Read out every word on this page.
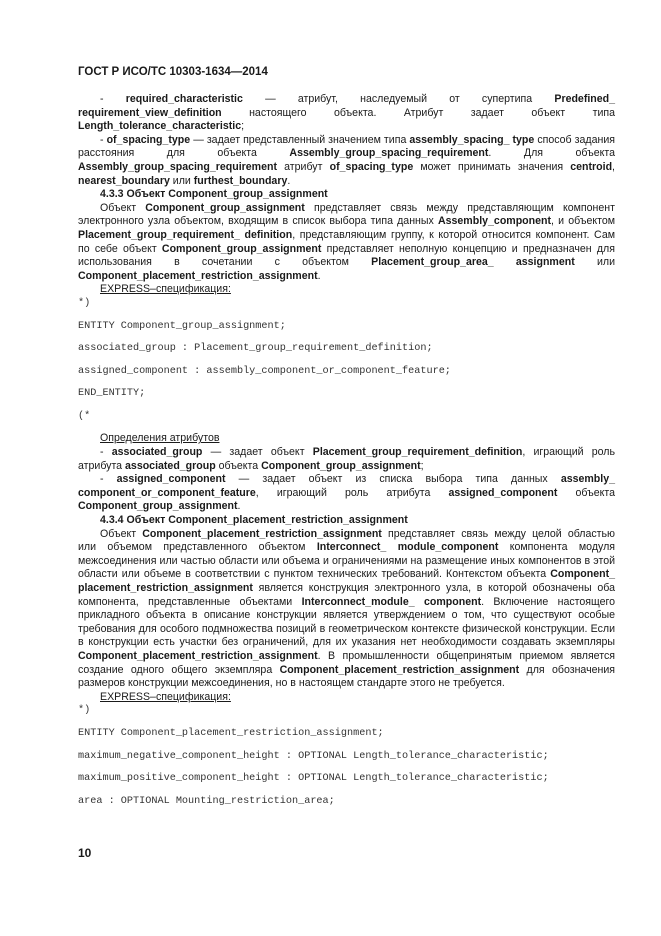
ГОСТ Р ИСО/ТС 10303-1634—2014

- required_characteristic — атрибут, наследуемый от супертипа Predefined_ requirement_view_definition настоящего объекта. Атрибут задает объект типа Length_tolerance_characteristic;

- of_spacing_type — задает представленный значением типа assembly_spacing_ type способ задания расстояния для объекта Assembly_group_spacing_requirement. Для объекта Assembly_group_spacing_requirement атрибут of_spacing_type может принимать значения centroid, nearest_boundary или furthest_boundary.

4.3.3 Объект Component_group_assignment

Объект Component_group_assignment представляет связь между представляющим компонент электронного узла объектом, входящим в список выбора типа данных Assembly_component, и объектом Placement_group_requirement_ definition, представляющим группу, к которой относится компонент. Сам по себе объект Component_group_assignment представляет неполную концепцию и предназначен для использования в сочетании с объектом Placement_group_area_ assignment или Component_placement_restriction_assignment.

EXPRESS–спецификация:

*)
ENTITY Component_group_assignment;
associated_group : Placement_group_requirement_definition;
assigned_component : assembly_component_or_component_feature;
END_ENTITY;
(*

Определения атрибутов

- associated_group — задает объект Placement_group_requirement_definition, играющий роль атрибута associated_group объекта Component_group_assignment;

- assigned_component — задает объект из списка выбора типа данных assembly_ component_or_component_feature, играющий роль атрибута assigned_component объекта Component_group_assignment.

4.3.4 Объект Component_placement_restriction_assignment

Объект Component_placement_restriction_assignment представляет связь между целой областью или объемом представленного объектом Interconnect_ module_component компонента модуля межсоединения или частью области или объема и ограничениями на размещение иных компонентов в этой области или объеме в соответствии с пунктом технических требований. Контекстом объекта Component_ placement_restriction_assignment является конструкция электронного узла, в которой обозначены оба компонента, представленные объектами Interconnect_module_ component. Включение настоящего прикладного объекта в описание конструкции является утверждением о том, что существуют особые требования для особого подмножества позиций в геометрическом контексте физической конструкции. Если в конструкции есть участки без ограничений, для их указания нет необходимости создавать экземпляры Component_placement_restriction_assignment. В промышленности общепринятым приемом является создание одного общего экземпляра Component_placement_restriction_assignment для обозначения размеров конструкции межсоединения, но в настоящем стандарте этого не требуется.

EXPRESS–спецификация:

*)
ENTITY Component_placement_restriction_assignment;
maximum_negative_component_height : OPTIONAL Length_tolerance_characteristic;
maximum_positive_component_height : OPTIONAL Length_tolerance_characteristic;
area : OPTIONAL Mounting_restriction_area;
10
